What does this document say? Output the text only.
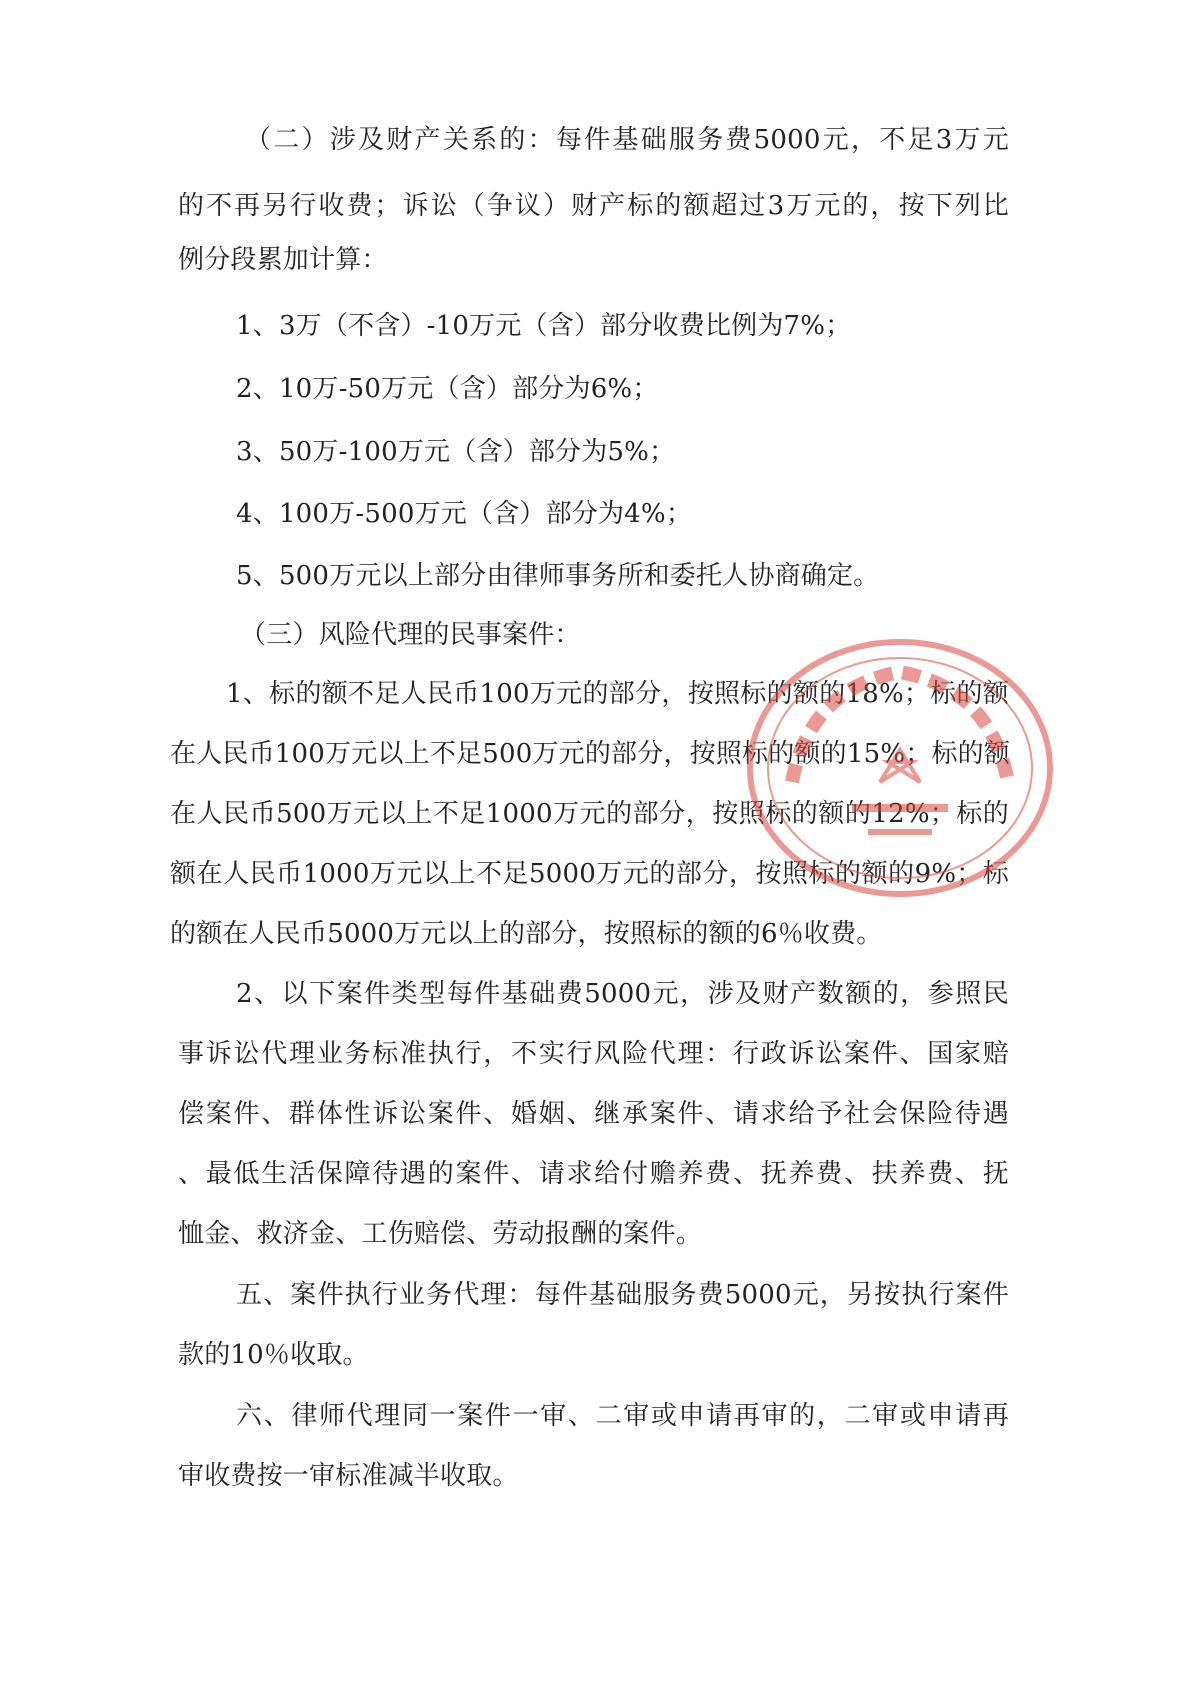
（二）涉及财产关系的：每件基础服务费5000元，不足3万元

的不再另行收费；诉讼（争议）财产标的额超过3万元的，按下列比

例分段累加计算：

1、3万（不含）-10万元（含）部分收费比例为7%；

2、10万-50万元（含）部分为6%；

3、50万-100万元（含）部分为5%；

4、100万-500万元（含）部分为4%；

5、500万元以上部分由律师事务所和委托人协商确定。

（三）风险代理的民事案件：

1、标的额不足人民币100万元的部分，按照标的额的18%；标的额

在人民币100万元以上不足500万元的部分，按照标的额的15%；标的额

在人民币500万元以上不足1000万元的部分，按照标的额的12%；标的

额在人民币1000万元以上不足5000万元的部分，按照标的额的9%；标

的额在人民币5000万元以上的部分，按照标的额的6％收费。

2、以下案件类型每件基础费5000元，涉及财产数额的，参照民

事诉讼代理业务标准执行，不实行风险代理：行政诉讼案件、国家赔

偿案件、群体性诉讼案件、婚姻、继承案件、请求给予社会保险待遇

、最低生活保障待遇的案件、请求给付赡养费、抚养费、扶养费、抚

恤金、救济金、工伤赔偿、劳动报酬的案件。

五、案件执行业务代理：每件基础服务费5000元，另按执行案件

款的10％收取。

六、律师代理同一案件一审、二审或申请再审的，二审或申请再

审收费按一审标准减半收取。
